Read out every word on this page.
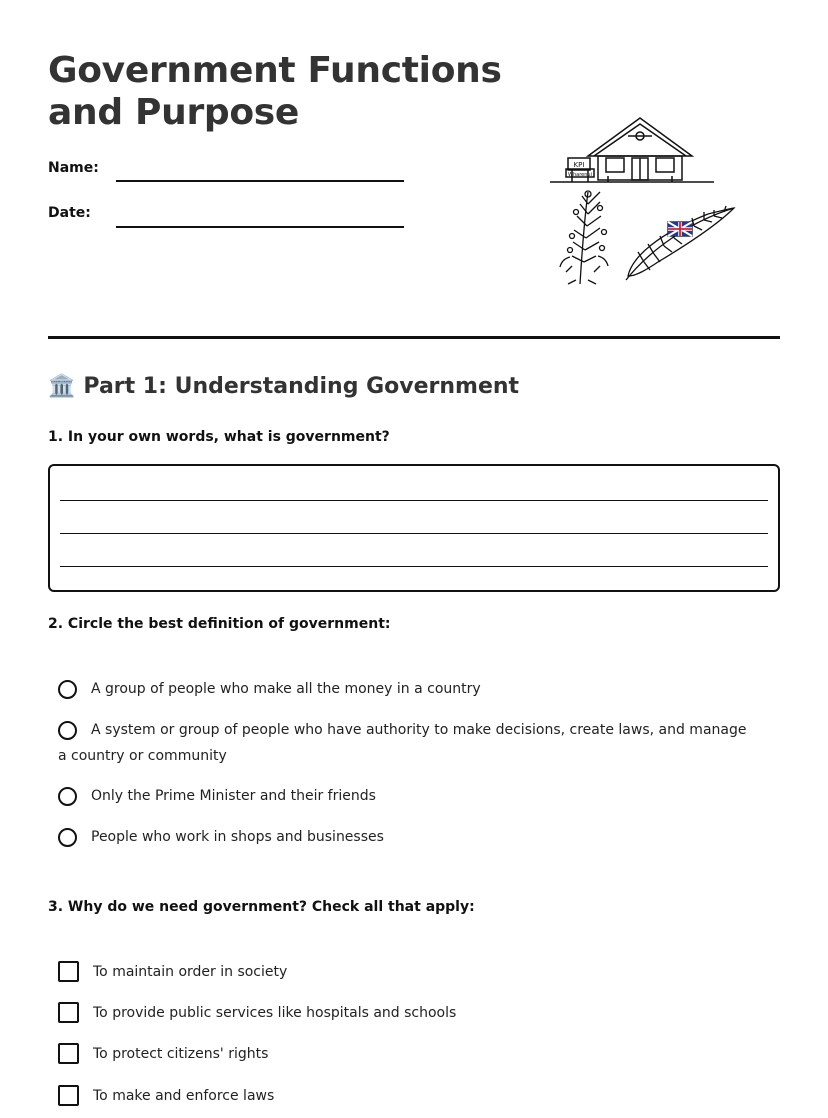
Government Functions
and Purpose
Name:
Date:
KPI
Wharenui
🏛️ Part 1: Understanding Government
1. In your own words, what is government?
2. Circle the best definition of government:
A group of people who make all the money in a country
A system or group of people who have authority to make decisions, create laws, and manage a country or community
Only the Prime Minister and their friends
People who work in shops and businesses
3. Why do we need government? Check all that apply:
To maintain order in society
To provide public services like hospitals and schools
To protect citizens' rights
To make and enforce laws
